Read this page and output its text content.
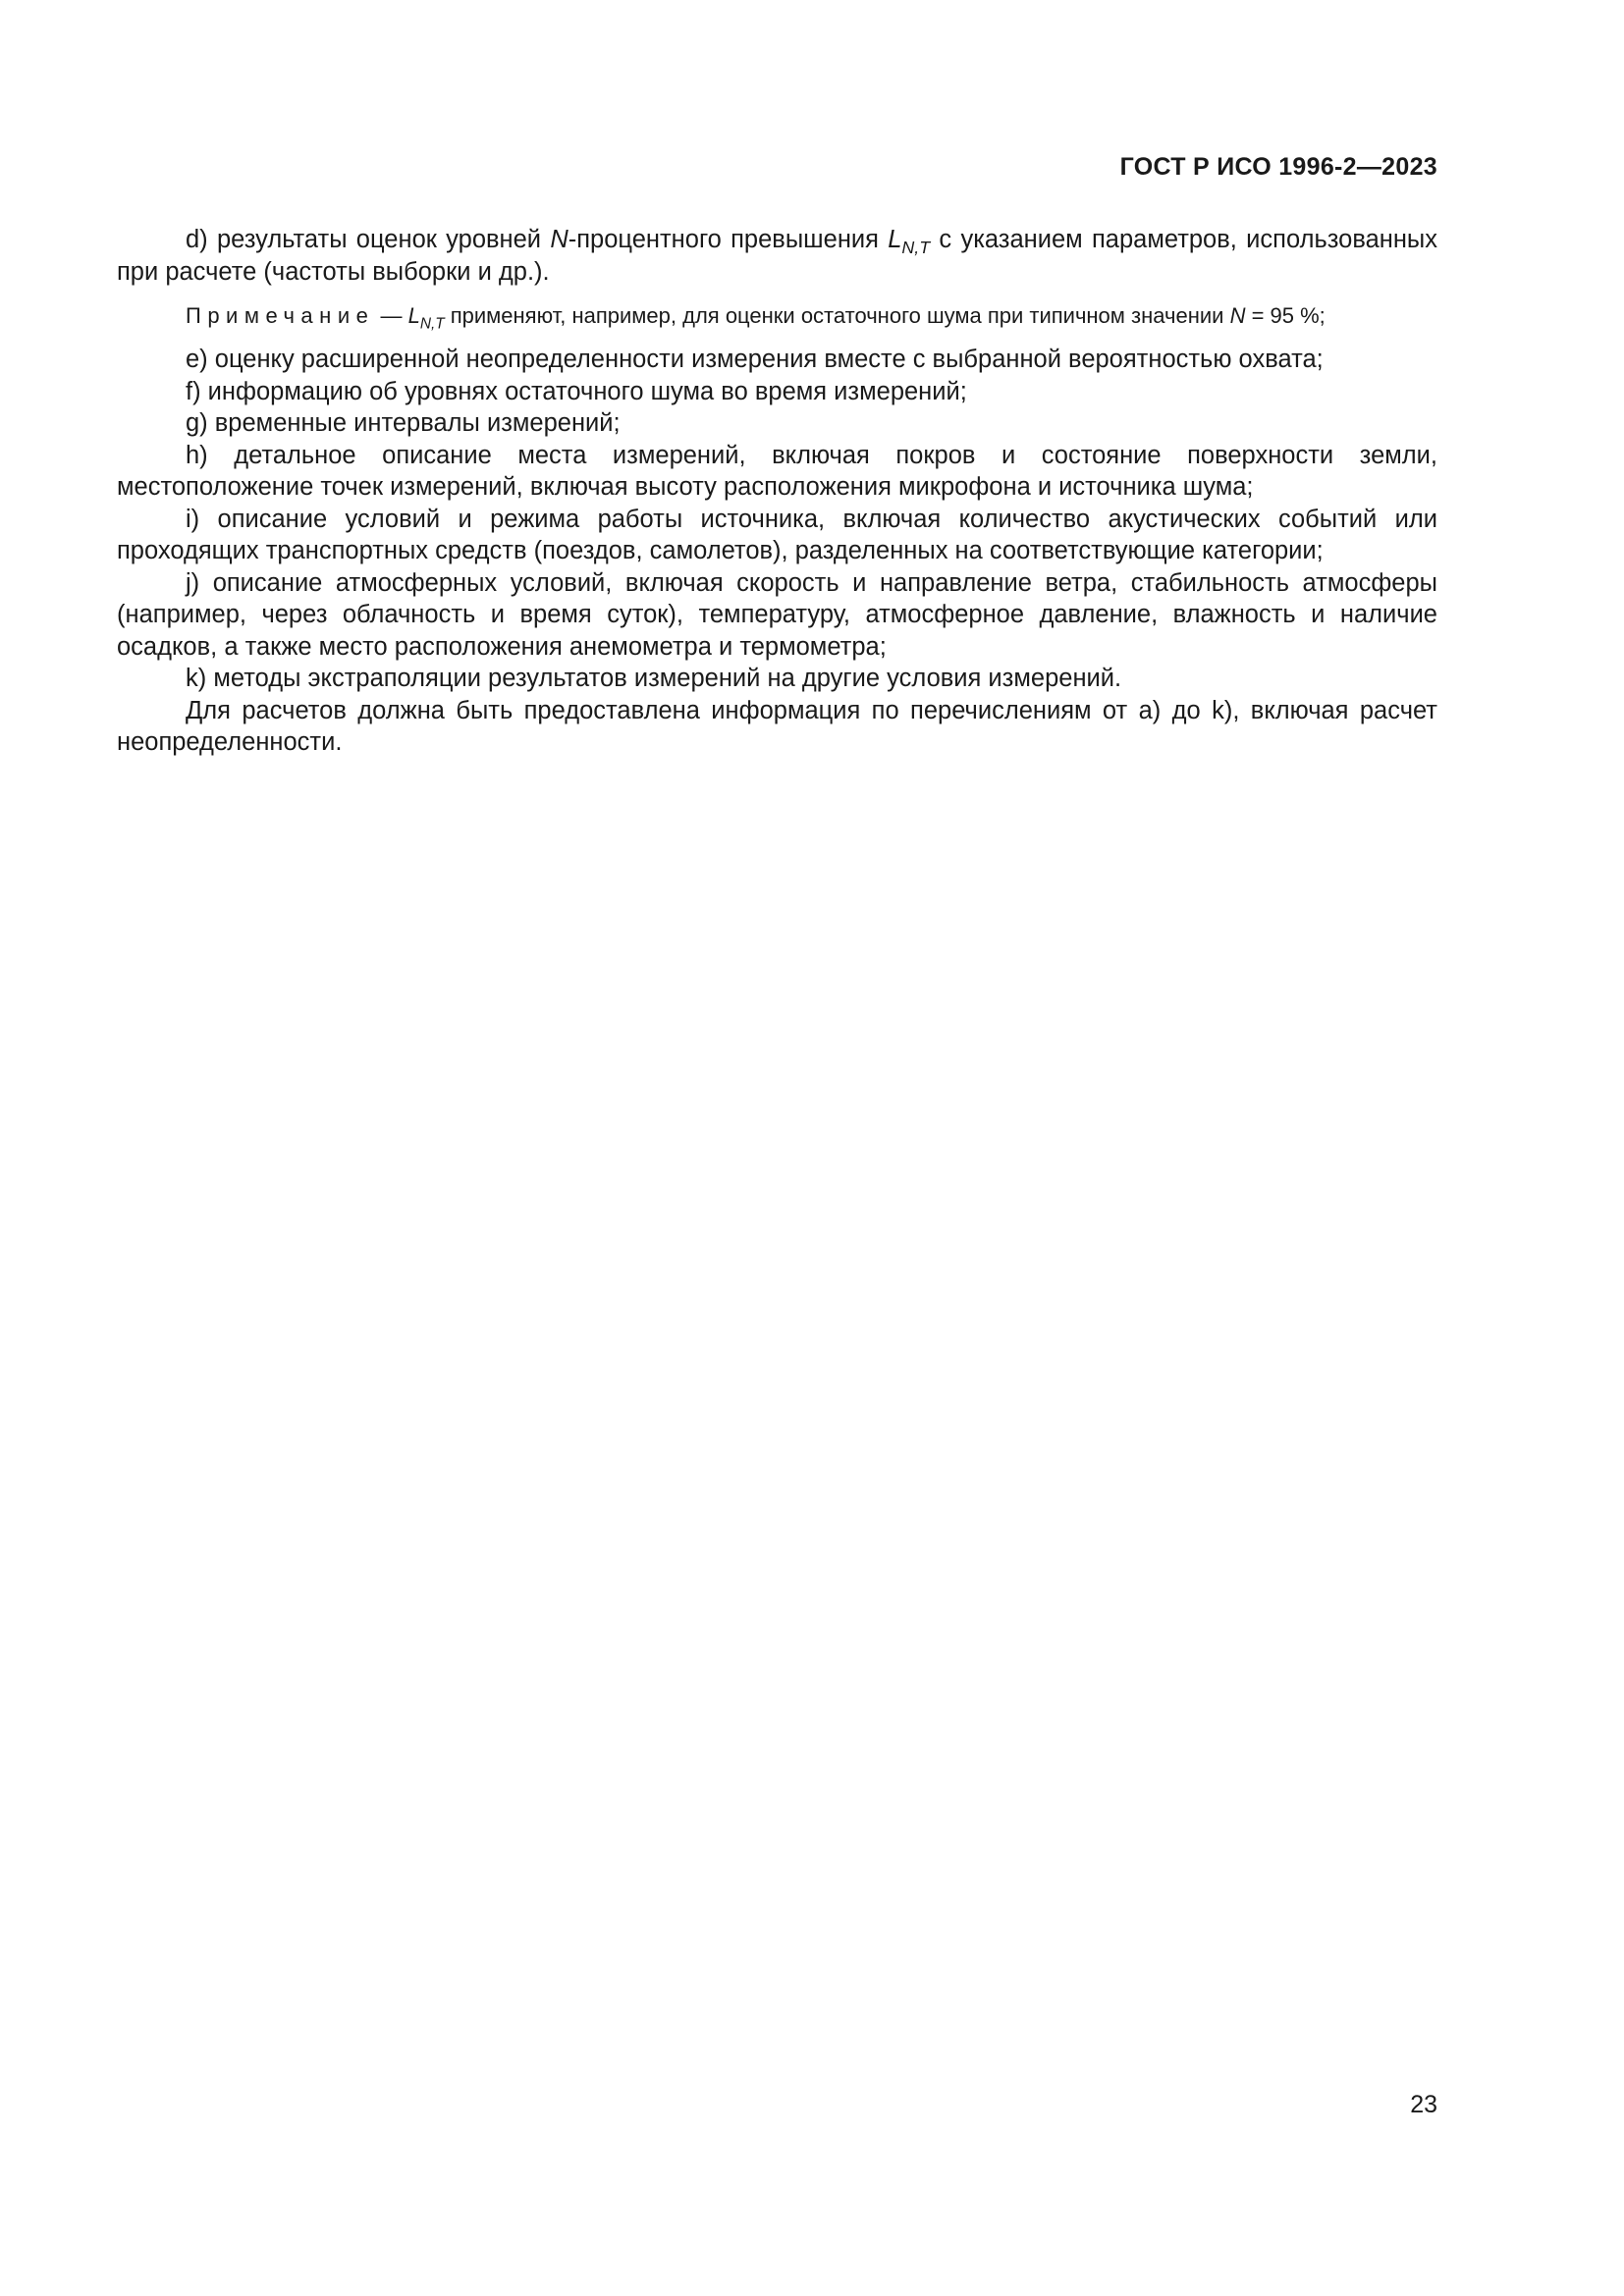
ГОСТ Р ИСО 1996-2—2023

d) результаты оценок уровней N-процентного превышения $L_{N,T}$ с указанием параметров, использованных при расчете (частоты выборки и др.).

Примечание — $L_{N,T}$ применяют, например, для оценки остаточного шума при типичном значении N = 95 %;

e) оценку расширенной неопределенности измерения вместе с выбранной вероятностью охвата;

f) информацию об уровнях остаточного шума во время измерений;

g) временные интервалы измерений;

h) детальное описание места измерений, включая покров и состояние поверхности земли, местоположение точек измерений, включая высоту расположения микрофона и источника шума;

i) описание условий и режима работы источника, включая количество акустических событий или проходящих транспортных средств (поездов, самолетов), разделенных на соответствующие категории;

j) описание атмосферных условий, включая скорость и направление ветра, стабильность атмосферы (например, через облачность и время суток), температуру, атмосферное давление, влажность и наличие осадков, а также место расположения анемометра и термометра;

k) методы экстраполяции результатов измерений на другие условия измерений.

Для расчетов должна быть предоставлена информация по перечислениям от a) до k), включая расчет неопределенности.

23
